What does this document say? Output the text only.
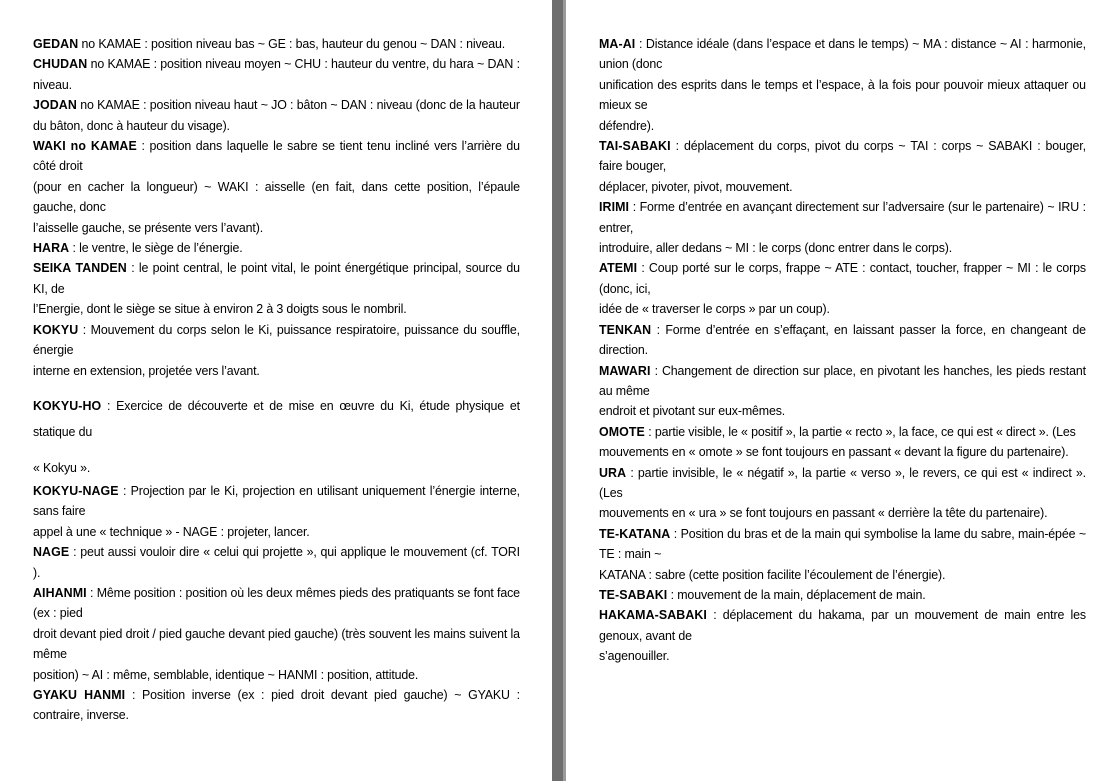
GEDAN no KAMAE : position niveau bas ~ GE : bas, hauteur du genou ~ DAN : niveau.

CHUDAN no KAMAE : position niveau moyen ~ CHU : hauteur du ventre, du hara ~ DAN : niveau.

JODAN no KAMAE : position niveau haut ~ JO : bâton ~ DAN : niveau (donc de la hauteur du bâton, donc à hauteur du visage).

WAKI no KAMAE : position dans laquelle le sabre se tient tenu incliné vers l’arrière du côté droit
(pour en cacher la longueur) ~ WAKI : aisselle (en fait, dans cette position, l’épaule gauche, donc
l’aisselle gauche, se présente vers l’avant).

HARA : le ventre, le siège de l’énergie.

SEIKA TANDEN : le point central, le point vital, le point énergétique principal, source du KI, de
l’Energie, dont le siège se situe à environ 2 à 3 doigts sous le nombril.

KOKYU : Mouvement du corps selon le Ki, puissance respiratoire, puissance du souffle, énergie
interne en extension, projetée vers l’avant.

KOKYU-HO : Exercice de découverte et de mise en œuvre du Ki, étude physique et statique du

« Kokyu ».

KOKYU-NAGE : Projection par le Ki, projection en utilisant uniquement l’énergie interne, sans faire
appel à une « technique » - NAGE : projeter, lancer.

NAGE : peut aussi vouloir dire « celui qui projette », qui applique le mouvement (cf. TORI ).

AIHANMI : Même position : position où les deux mêmes pieds des pratiquants se font face (ex : pied
droit devant pied droit / pied gauche devant pied gauche) (très souvent les mains suivent la même
position) ~ AI : même, semblable, identique ~ HANMI : position, attitude.

GYAKU HANMI : Position inverse (ex : pied droit devant pied gauche) ~ GYAKU : contraire, inverse.

MA-AI : Distance idéale (dans l’espace et dans le temps) ~ MA : distance ~ AI : harmonie, union (donc
unification des esprits dans le temps et l’espace, à la fois pour pouvoir mieux attaquer ou mieux se
défendre).

TAI-SABAKI : déplacement du corps, pivot du corps ~ TAI : corps ~ SABAKI : bouger, faire bouger,
déplacer, pivoter, pivot, mouvement.

IRIMI : Forme d’entrée en avançant directement sur l’adversaire (sur le partenaire) ~ IRU : entrer,
introduire, aller dedans ~ MI : le corps (donc entrer dans le corps).

ATEMI : Coup porté sur le corps, frappe ~ ATE : contact, toucher, frapper ~ MI : le corps (donc, ici,
idée de « traverser le corps » par un coup).

TENKAN : Forme d’entrée en s’effaçant, en laissant passer la force, en changeant de direction.

MAWARI : Changement de direction sur place, en pivotant les hanches, les pieds restant au même
endroit et pivotant sur eux-mêmes.

OMOTE : partie visible, le « positif », la partie « recto », la face, ce qui est « direct ». (Les
mouvements en « omote » se font toujours en passant « devant la figure du partenaire).

URA : partie invisible, le « négatif », la partie « verso », le revers, ce qui est « indirect ». (Les
mouvements en « ura » se font toujours en passant « derrière la tête du partenaire).

TE-KATANA : Position du bras et de la main qui symbolise la lame du sabre, main-épée ~ TE : main ~
KATANA : sabre (cette position facilite l’écoulement de l’énergie).

TE-SABAKI : mouvement de la main, déplacement de main.

HAKAMA-SABAKI : déplacement du hakama, par un mouvement de main entre les genoux, avant de
s’agenouiller.
